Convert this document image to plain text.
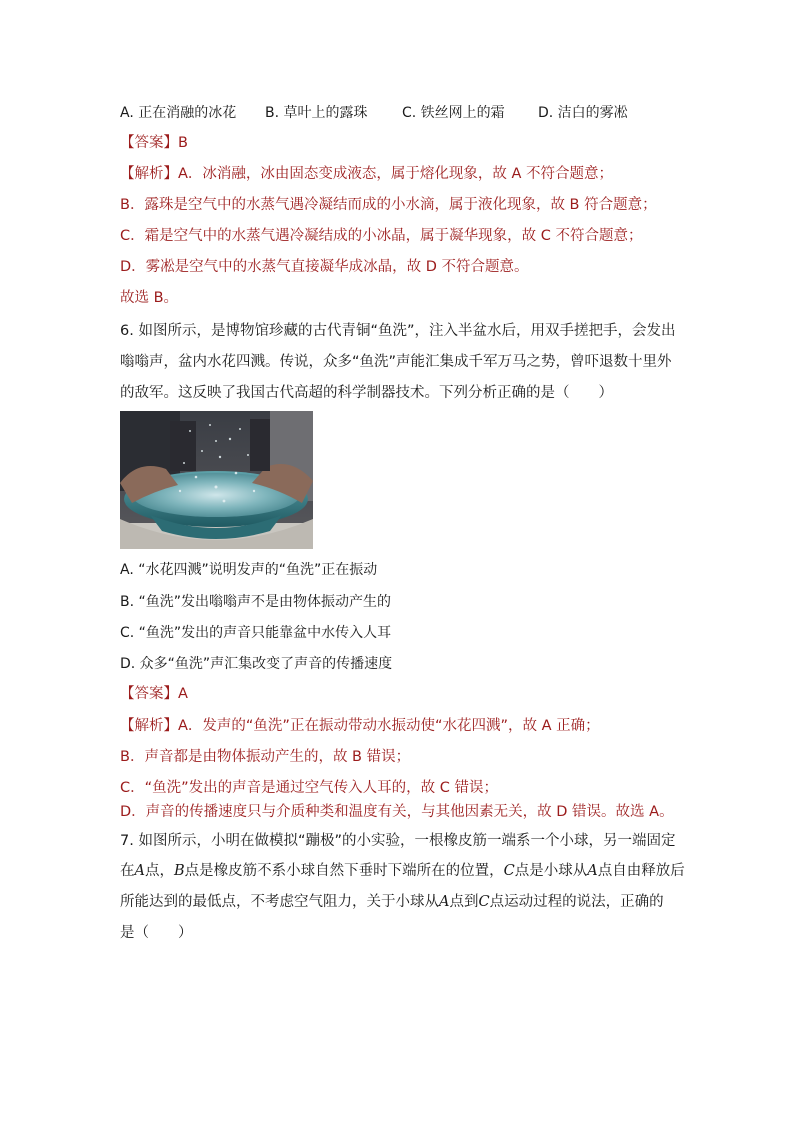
A. 正在消融的冰花 B. 草叶上的露珠 C. 铁丝网上的霜 D. 洁白的雾凇
【答案】B
【解析】A．冰消融，冰由固态变成液态，属于熔化现象，故 A 不符合题意；
B．露珠是空气中的水蒸气遇冷凝结而成的小水滴，属于液化现象，故 B 符合题意；
C．霜是空气中的水蒸气遇冷凝结成的小冰晶，属于凝华现象，故 C 不符合题意；
D．雾凇是空气中的水蒸气直接凝华成冰晶，故 D 不符合题意。
故选 B。
6. 如图所示，是博物馆珍藏的古代青铜“鱼洗”，注入半盆水后，用双手搓把手，会发出
嗡嗡声，盆内水花四溅。传说，众多“鱼洗”声能汇集成千军万马之势，曾吓退数十里外
的敌军。这反映了我国古代高超的科学制器技术。下列分析正确的是（　　）
A. “水花四溅”说明发声的“鱼洗”正在振动
B. “鱼洗”发出嗡嗡声不是由物体振动产生的
C. “鱼洗”发出的声音只能靠盆中水传入人耳
D. 众多“鱼洗”声汇集改变了声音的传播速度
【答案】A
【解析】A．发声的“鱼洗”正在振动带动水振动使“水花四溅”，故 A 正确；
B．声音都是由物体振动产生的，故 B 错误；
C．“鱼洗”发出的声音是通过空气传入人耳的，故 C 错误；
D．声音的传播速度只与介质种类和温度有关，与其他因素无关，故 D 错误。故选 A。
7. 如图所示，小明在做模拟“蹦极”的小实验，一根橡皮筋一端系一个小球，另一端固定
在A点，B点是橡皮筋不系小球自然下垂时下端所在的位置，C点是小球从A点自由释放后
所能达到的最低点，不考虑空气阻力，关于小球从A点到C点运动过程的说法，正确的
是（　　）
